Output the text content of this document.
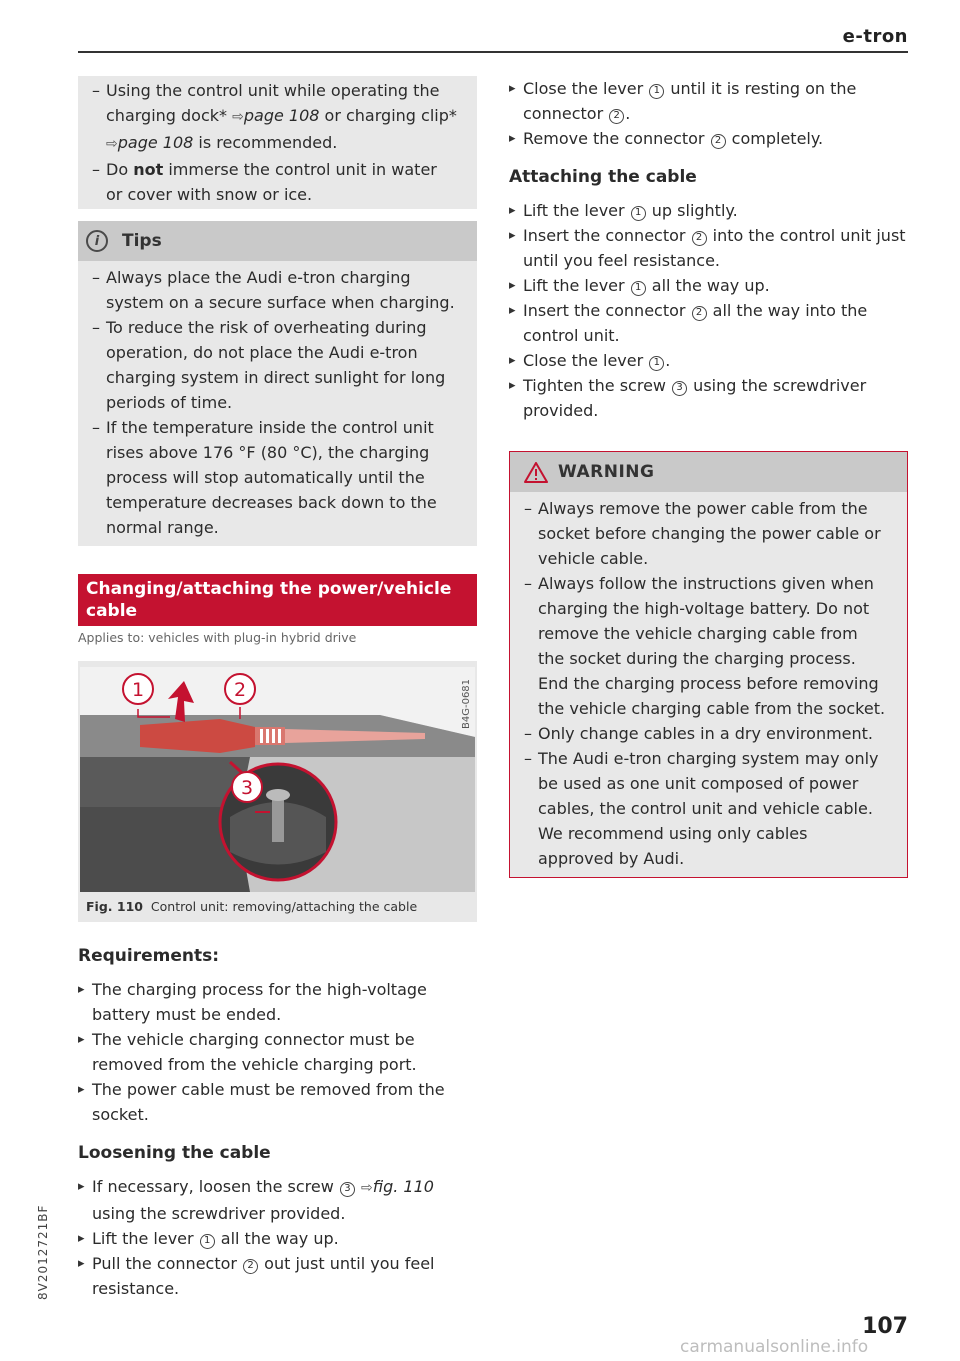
e-tron
– Using the control unit while operating the charging dock* ⇨page 108 or charging clip* ⇨page 108 is recommended.
– Do not immerse the control unit in water or cover with snow or ice.
i	Tips
– Always place the Audi e-tron charging system on a secure surface when charging.
– To reduce the risk of overheating during operation, do not place the Audi e-tron charging system in direct sunlight for long periods of time.
– If the temperature inside the control unit rises above 176 °F (80 °C), the charging process will stop automatically until the temperature decreases back down to the normal range.
Changing/attaching the power/vehicle cable
Applies to: vehicles with plug-in hybrid drive
1	2
3
B4G-0681
Fig. 110 Control unit: removing/attaching the cable
Requirements:
▸ The charging process for the high-voltage battery must be ended.
▸ The vehicle charging connector must be removed from the vehicle charging port.
▸ The power cable must be removed from the socket.
Loosening the cable
▸ If necessary, loosen the screw 3 ⇨fig. 110 using the screwdriver provided.
▸ Lift the lever 1 all the way up.
▸ Pull the connector 2 out just until you feel resistance.
▸ Close the lever 1 until it is resting on the connector 2 .
▸ Remove the connector 2 completely.
Attaching the cable
▸ Lift the lever 1 up slightly.
▸ Insert the connector 2 into the control unit just until you feel resistance.
▸ Lift the lever 1 all the way up.
▸ Insert the connector 2 all the way into the control unit.
▸ Close the lever 1 .
▸ Tighten the screw 3 using the screwdriver provided.
WARNING
– Always remove the power cable from the socket before changing the power cable or vehicle cable.
– Always follow the instructions given when charging the high-voltage battery. Do not remove the vehicle charging cable from the socket during the charging process. End the charging process before removing the vehicle charging cable from the socket.
– Only change cables in a dry environment.
– The Audi e-tron charging system may only be used as one unit composed of power cables, the control unit and vehicle cable. We recommend using only cables approved by Audi.
8V2012721BF
107
carmanualsonline.info
